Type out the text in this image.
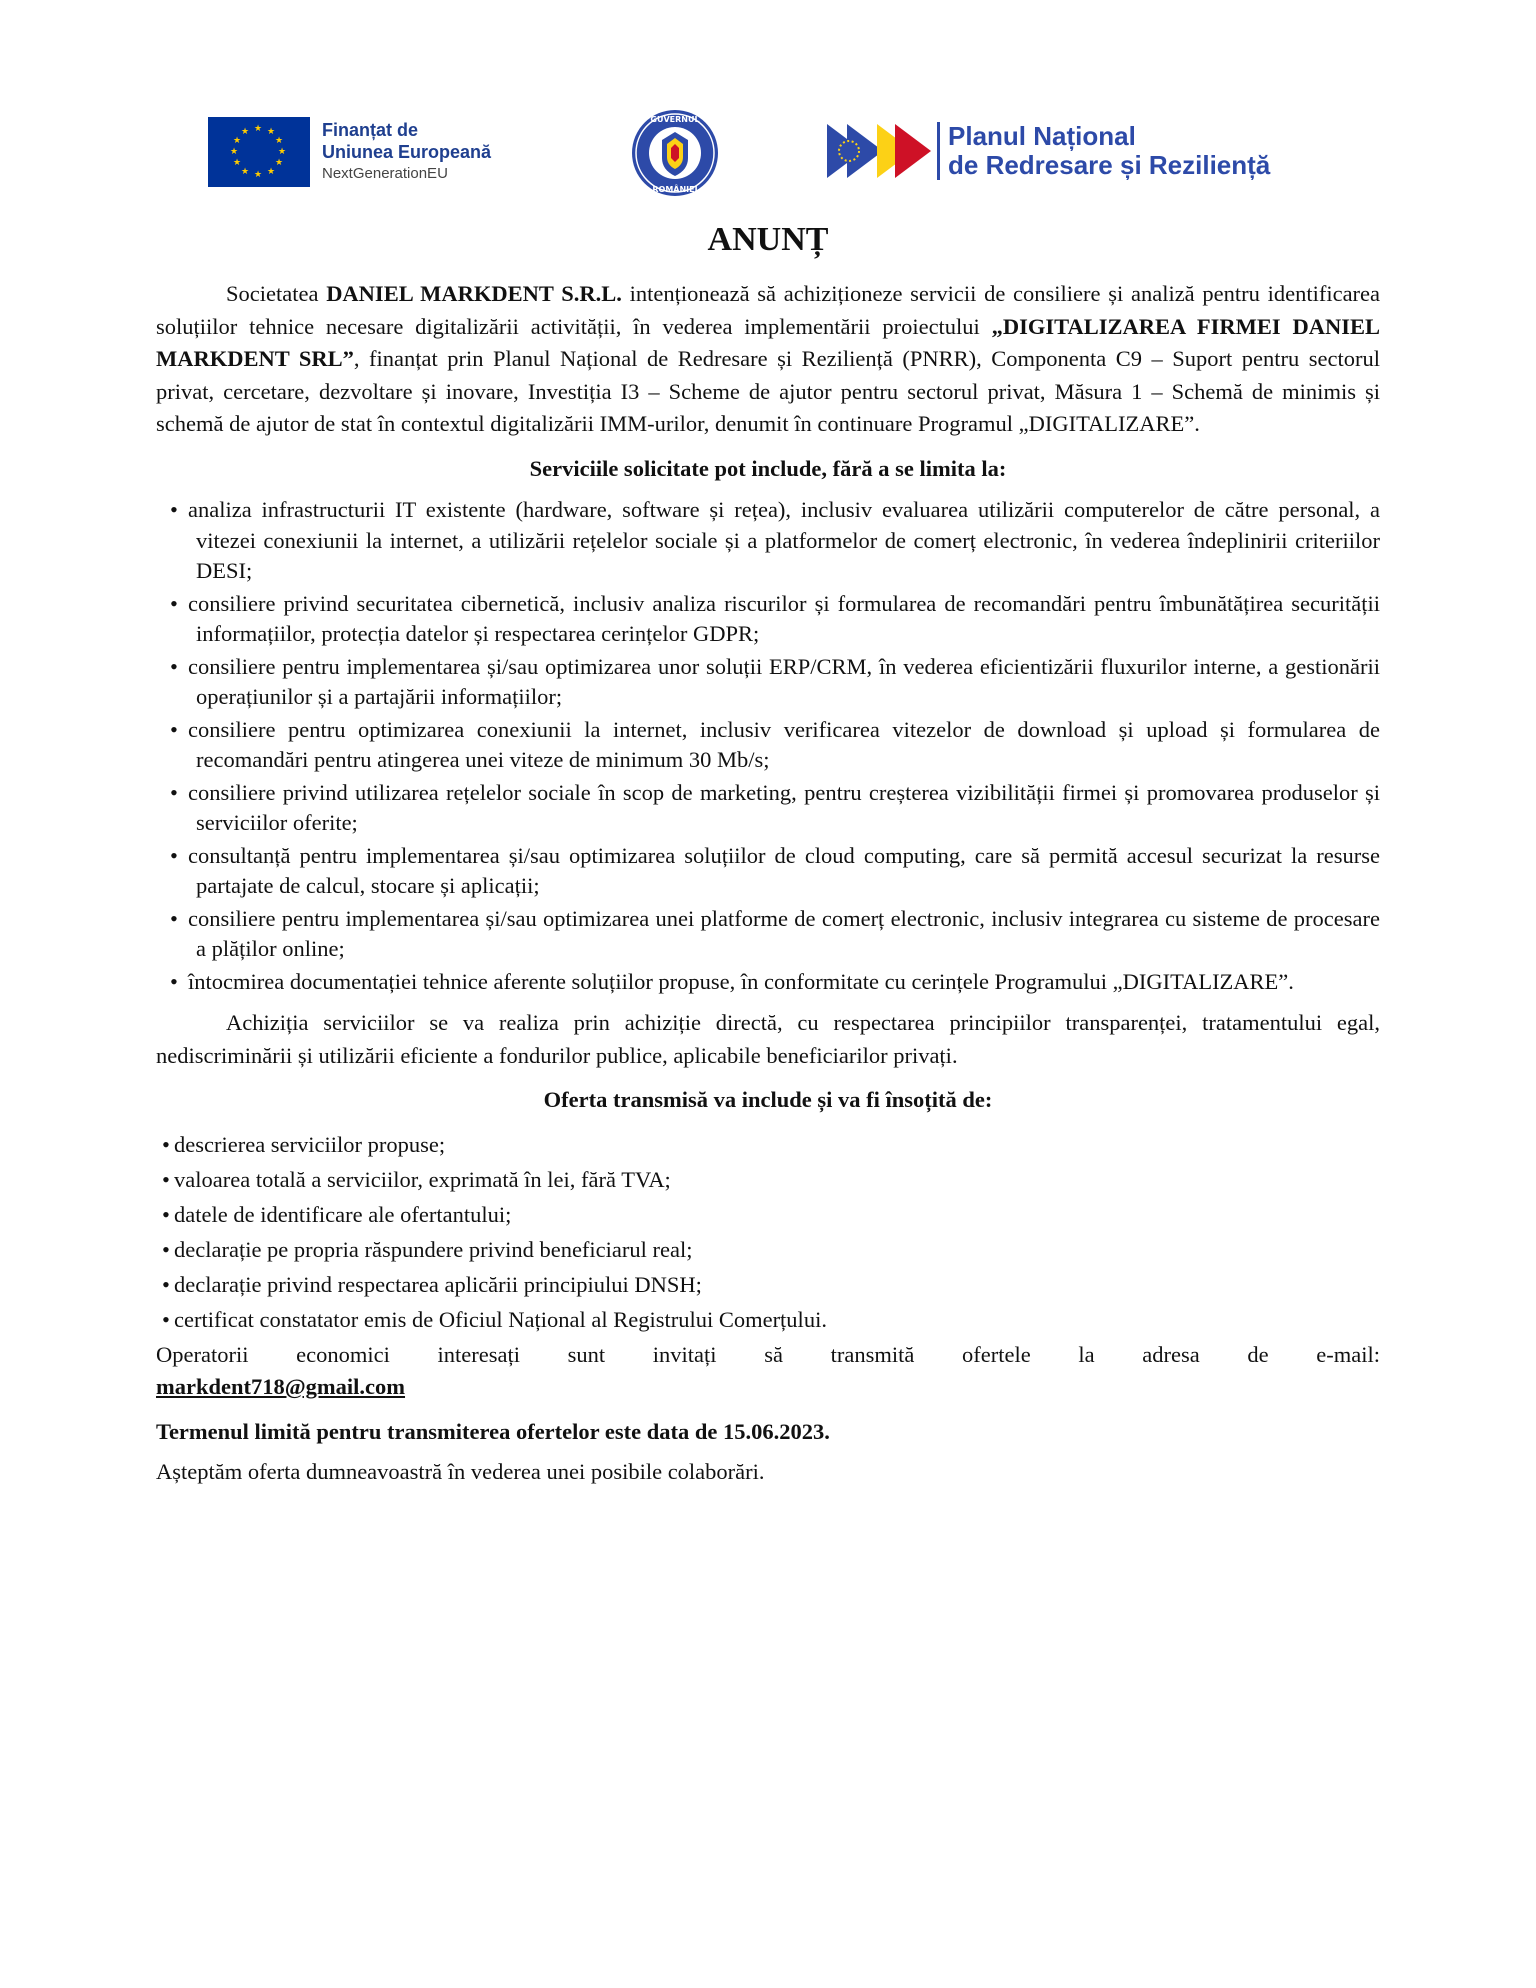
★ ★
★
★
★
★
★
★
★
★
★
★	Finanțat de
Uniunea Europeană
NextGenerationEU
GUVERNUL
ROMÂNIEI
Planul Național
de Redresare și Reziliență
ANUNȚ

Societatea DANIEL MARKDENT S.R.L. intenționează să achiziționeze servicii de consiliere și analiză pentru identificarea soluțiilor tehnice necesare digitalizării activității, în vederea implementării proiectului „DIGITALIZAREA FIRMEI DANIEL MARKDENT SRL”, finanțat prin Planul Național de Redresare și Reziliență (PNRR), Componenta C9 – Suport pentru sectorul privat, cercetare, dezvoltare și inovare, Investiția I3 – Scheme de ajutor pentru sectorul privat, Măsura 1 – Schemă de minimis și schemă de ajutor de stat în contextul digitalizării IMM-urilor, denumit în continuare Programul „DIGITALIZARE”.

Serviciile solicitate pot include, fără a se limita la:
• analiza infrastructurii IT existente (hardware, software și rețea), inclusiv evaluarea utilizării computerelor de către personal, a vitezei conexiunii la internet, a utilizării rețelelor sociale și a platformelor de comerț electronic, în vederea îndeplinirii criteriilor DESI;
• consiliere privind securitatea cibernetică, inclusiv analiza riscurilor și formularea de recomandări pentru îmbunătățirea securității informațiilor, protecția datelor și respectarea cerințelor GDPR;
• consiliere pentru implementarea și/sau optimizarea unor soluții ERP/CRM, în vederea eficientizării fluxurilor interne, a gestionării operațiunilor și a partajării informațiilor;
• consiliere pentru optimizarea conexiunii la internet, inclusiv verificarea vitezelor de download și upload și formularea de recomandări pentru atingerea unei viteze de minimum 30 Mb/s;
• consiliere privind utilizarea rețelelor sociale în scop de marketing, pentru creșterea vizibilității firmei și promovarea produselor și serviciilor oferite;
• consultanță pentru implementarea și/sau optimizarea soluțiilor de cloud computing, care să permită accesul securizat la resurse partajate de calcul, stocare și aplicații;
• consiliere pentru implementarea și/sau optimizarea unei platforme de comerț electronic, inclusiv integrarea cu sisteme de procesare a plăților online;
• întocmirea documentației tehnice aferente soluțiilor propuse, în conformitate cu cerințele Programului „DIGITALIZARE”.

Achiziția serviciilor se va realiza prin achiziție directă, cu respectarea principiilor transparenței, tratamentului egal, nediscriminării și utilizării eficiente a fondurilor publice, aplicabile beneficiarilor privați.

Oferta transmisă va include și va fi însoțită de:
• descrierea serviciilor propuse;
• valoarea totală a serviciilor, exprimată în lei, fără TVA;
• datele de identificare ale ofertantului;
• declarație pe propria răspundere privind beneficiarul real;
• declarație privind respectarea aplicării principiului DNSH;
• certificat constatator emis de Oficiul Național al Registrului Comerțului.

Operatorii economici interesați sunt invitați să transmită ofertele la adresa de e-mail:

markdent718@gmail.com

Termenul limită pentru transmiterea ofertelor este data de 15.06.2023.

Așteptăm oferta dumneavoastră în vederea unei posibile colaborări.
